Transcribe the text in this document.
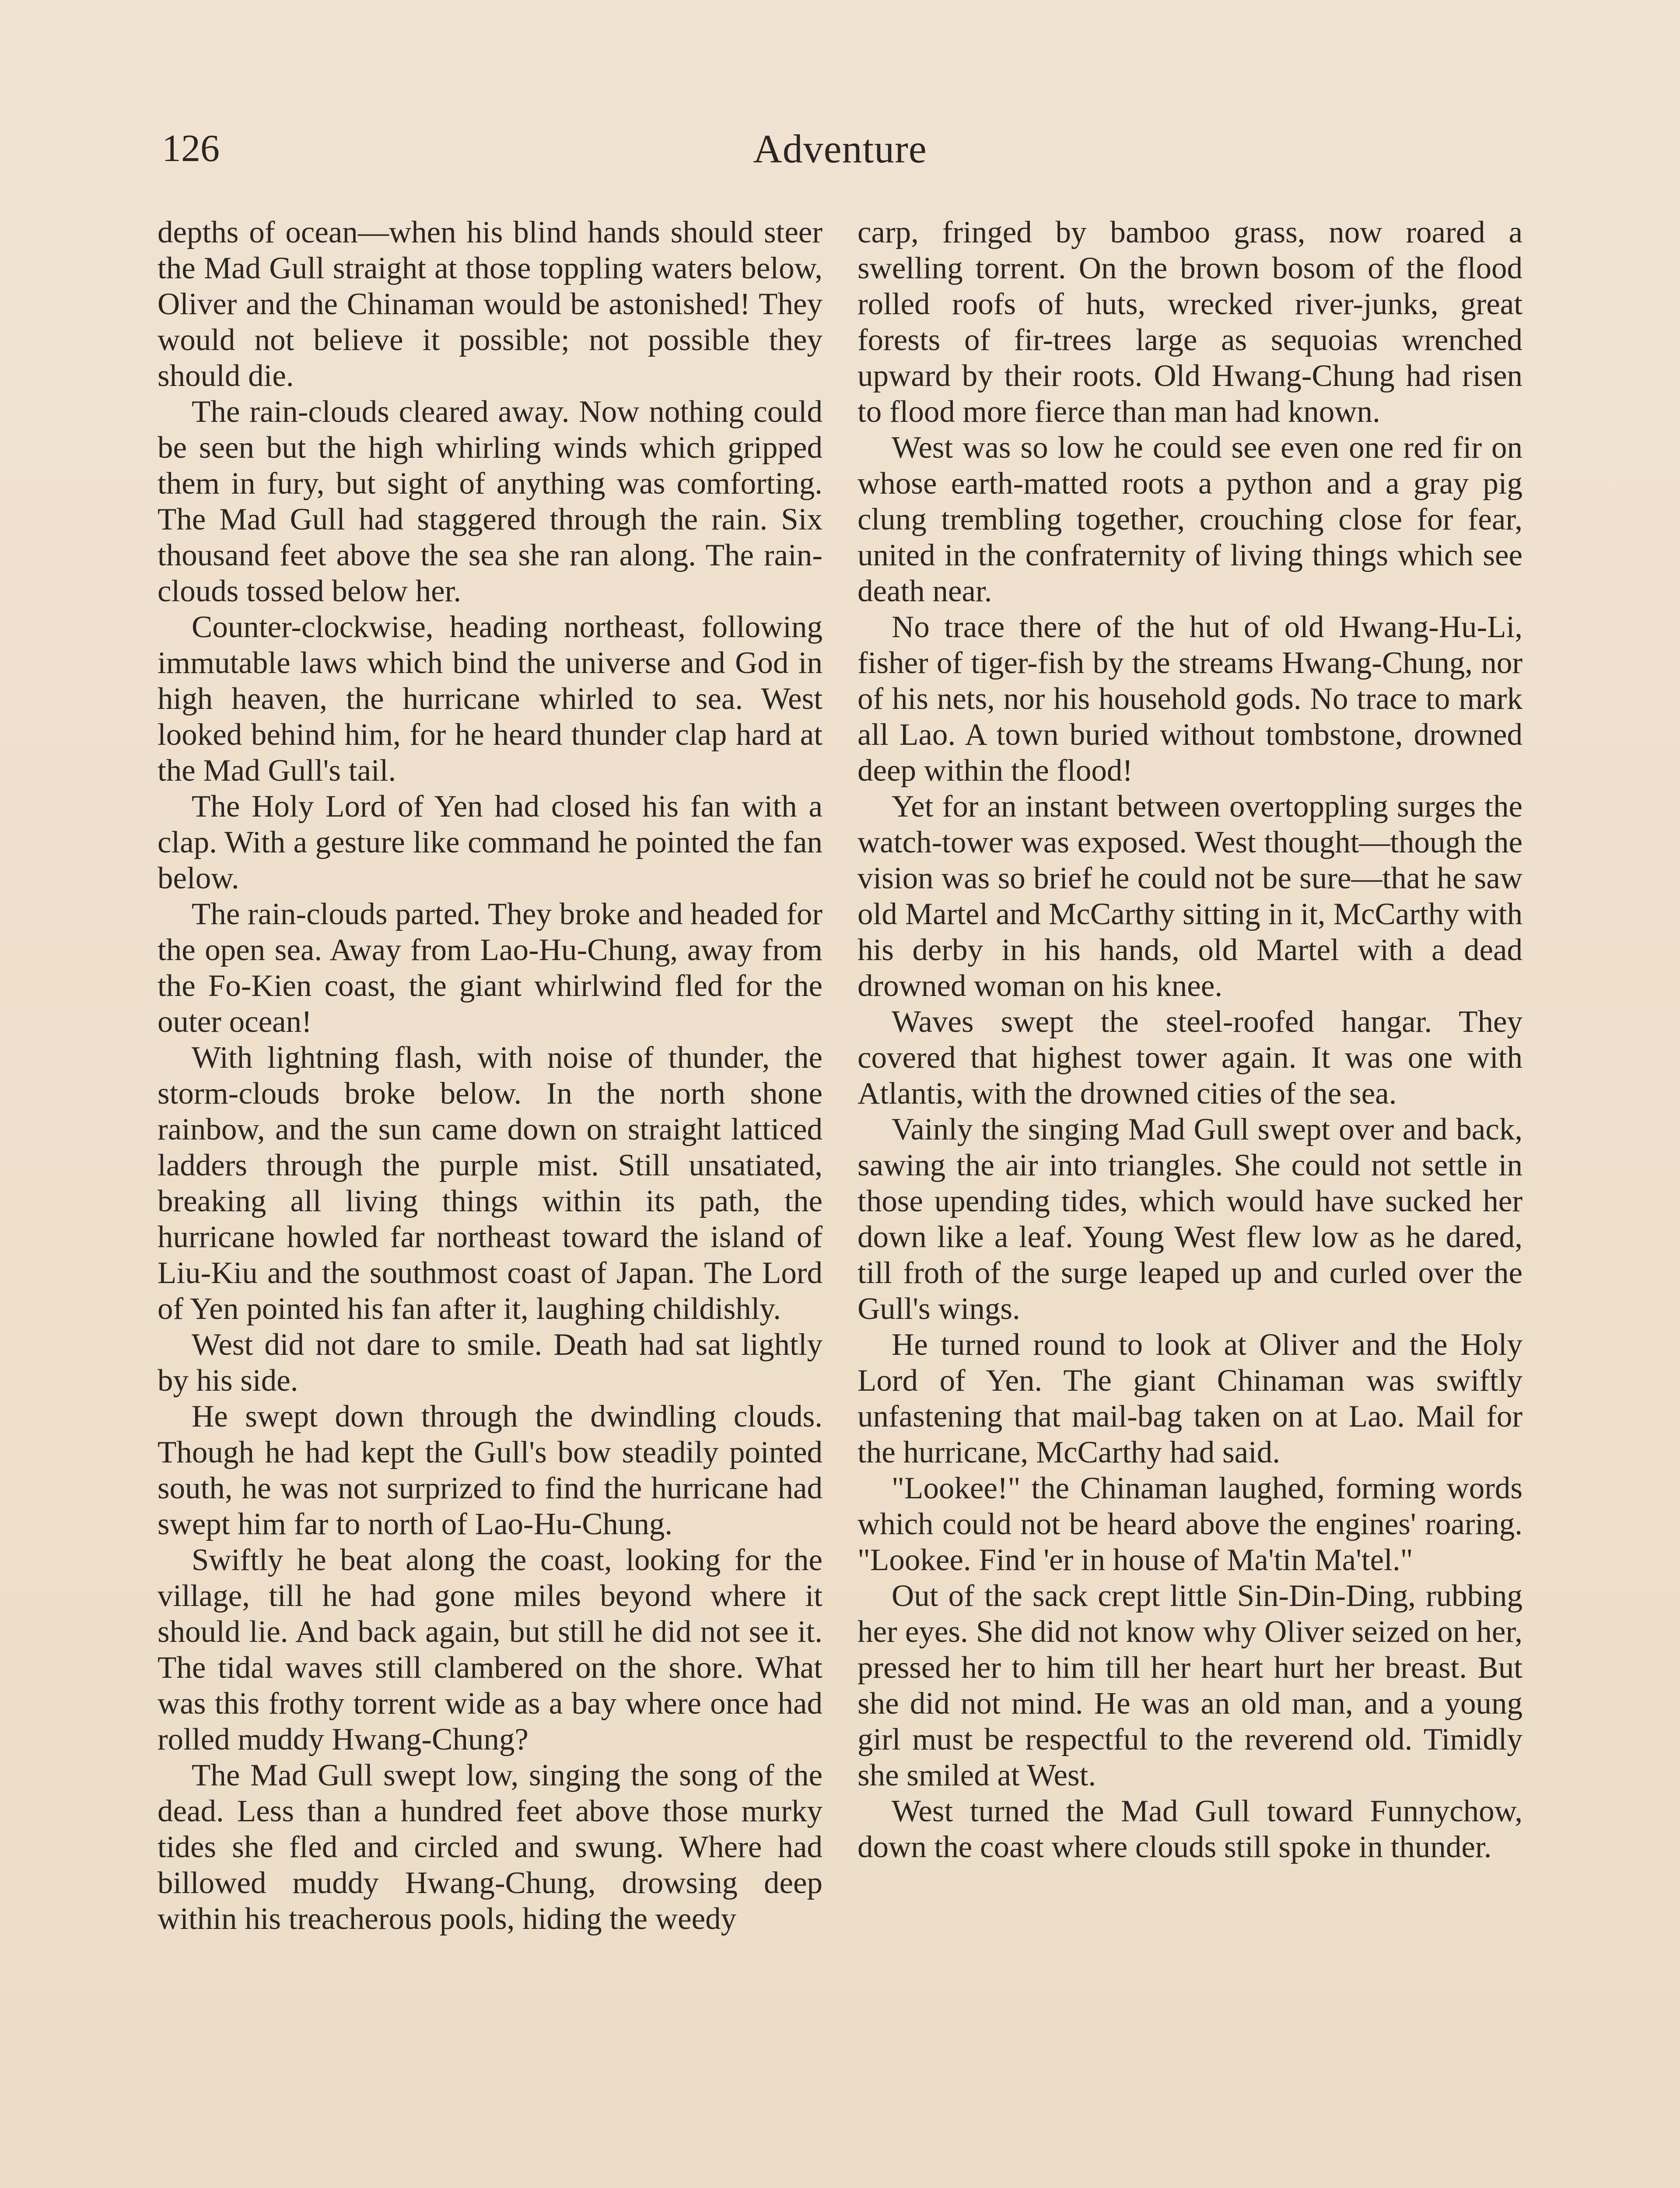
126	Adventure

depths of ocean—when his blind hands should steer the Mad Gull straight at those toppling waters below, Oliver and the Chinaman would be astonished! They would not believe it possible; not possible they should die.

The rain-clouds cleared away. Now nothing could be seen but the high whirling winds which gripped them in fury, but sight of anything was comforting. The Mad Gull had staggered through the rain. Six thousand feet above the sea she ran along. The rain-clouds tossed below her.

Counter-clockwise, heading northeast, following immutable laws which bind the universe and God in high heaven, the hurricane whirled to sea. West looked behind him, for he heard thunder clap hard at the Mad Gull's tail.

The Holy Lord of Yen had closed his fan with a clap. With a gesture like command he pointed the fan below.

The rain-clouds parted. They broke and headed for the open sea. Away from Lao-Hu-Chung, away from the Fo-Kien coast, the giant whirlwind fled for the outer ocean!

With lightning flash, with noise of thunder, the storm-clouds broke below. In the north shone rainbow, and the sun came down on straight latticed ladders through the purple mist. Still unsatiated, breaking all living things within its path, the hurricane howled far northeast toward the island of Liu-Kiu and the southmost coast of Japan. The Lord of Yen pointed his fan after it, laughing childishly.

West did not dare to smile. Death had sat lightly by his side.

He swept down through the dwindling clouds. Though he had kept the Gull's bow steadily pointed south, he was not surprized to find the hurricane had swept him far to north of Lao-Hu-Chung.

Swiftly he beat along the coast, looking for the village, till he had gone miles beyond where it should lie. And back again, but still he did not see it. The tidal waves still clambered on the shore. What was this frothy torrent wide as a bay where once had rolled muddy Hwang-Chung?

The Mad Gull swept low, singing the song of the dead. Less than a hundred feet above those murky tides she fled and circled and swung. Where had billowed muddy Hwang-Chung, drowsing deep within his treacherous pools, hiding the weedy

carp, fringed by bamboo grass, now roared a swelling torrent. On the brown bosom of the flood rolled roofs of huts, wrecked river-junks, great forests of fir-trees large as sequoias wrenched upward by their roots. Old Hwang-Chung had risen to flood more fierce than man had known.

West was so low he could see even one red fir on whose earth-matted roots a python and a gray pig clung trembling together, crouching close for fear, united in the confraternity of living things which see death near.

No trace there of the hut of old Hwang-Hu-Li, fisher of tiger-fish by the streams Hwang-Chung, nor of his nets, nor his household gods. No trace to mark all Lao. A town buried without tombstone, drowned deep within the flood!

Yet for an instant between overtoppling surges the watch-tower was exposed. West thought—though the vision was so brief he could not be sure—that he saw old Martel and McCarthy sitting in it, McCarthy with his derby in his hands, old Martel with a dead drowned woman on his knee.

Waves swept the steel-roofed hangar. They covered that highest tower again. It was one with Atlantis, with the drowned cities of the sea.

Vainly the singing Mad Gull swept over and back, sawing the air into triangles. She could not settle in those upending tides, which would have sucked her down like a leaf. Young West flew low as he dared, till froth of the surge leaped up and curled over the Gull's wings.

He turned round to look at Oliver and the Holy Lord of Yen. The giant Chinaman was swiftly unfastening that mail-bag taken on at Lao. Mail for the hurricane, McCarthy had said.

"Lookee!" the Chinaman laughed, forming words which could not be heard above the engines' roaring. "Lookee. Find 'er in house of Ma'tin Ma'tel."

Out of the sack crept little Sin-Din-Ding, rubbing her eyes. She did not know why Oliver seized on her, pressed her to him till her heart hurt her breast. But she did not mind. He was an old man, and a young girl must be respectful to the reverend old. Timidly she smiled at West.

West turned the Mad Gull toward Funnychow, down the coast where clouds still spoke in thunder.
